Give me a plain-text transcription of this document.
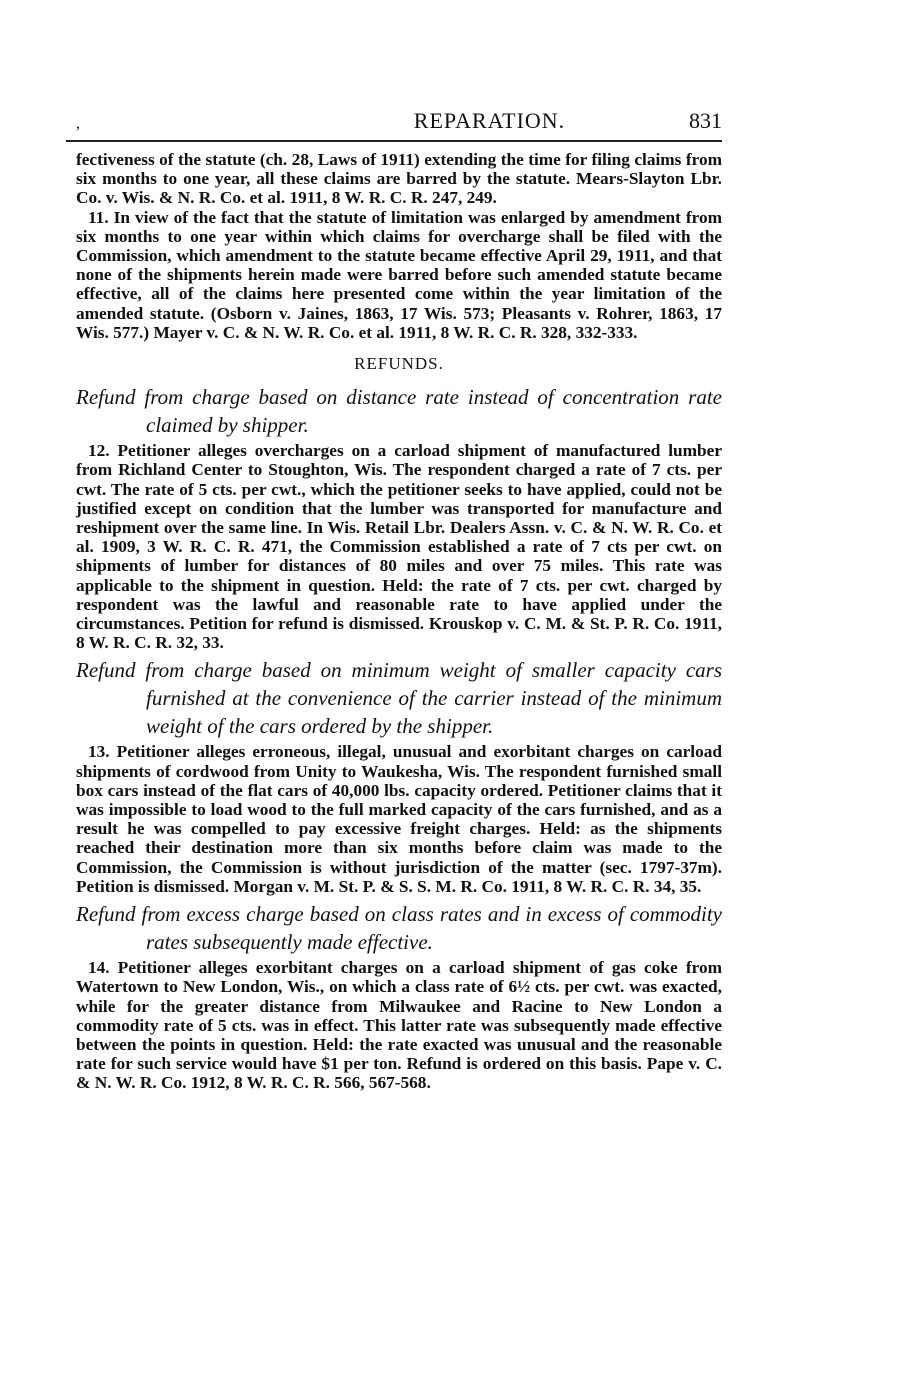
,	REPARATION.	831

fectiveness of the statute (ch. 28, Laws of 1911) extending the time for filing claims from six months to one year, all these claims are barred by the statute. Mears-Slayton Lbr. Co. v. Wis. & N. R. Co. et al. 1911, 8 W. R. C. R. 247, 249.

11. In view of the fact that the statute of limitation was enlarged by amendment from six months to one year within which claims for overcharge shall be filed with the Commission, which amendment to the statute became effective April 29, 1911, and that none of the shipments herein made were barred before such amended statute became effective, all of the claims here presented come within the year limitation of the amended statute. (Osborn v. Jaines, 1863, 17 Wis. 573; Pleasants v. Rohrer, 1863, 17 Wis. 577.) Mayer v. C. & N. W. R. Co. et al. 1911, 8 W. R. C. R. 328, 332-333.

REFUNDS.
Refund from charge based on distance rate instead of concentration rate claimed by shipper.

12. Petitioner alleges overcharges on a carload shipment of manufactured lumber from Richland Center to Stoughton, Wis. The respondent charged a rate of 7 cts. per cwt. The rate of 5 cts. per cwt., which the petitioner seeks to have applied, could not be justified except on condition that the lumber was transported for manufacture and reshipment over the same line. In Wis. Retail Lbr. Dealers Assn. v. C. & N. W. R. Co. et al. 1909, 3 W. R. C. R. 471, the Commission established a rate of 7 cts per cwt. on shipments of lumber for distances of 80 miles and over 75 miles. This rate was applicable to the shipment in question. Held: the rate of 7 cts. per cwt. charged by respondent was the lawful and reasonable rate to have applied under the circumstances. Petition for refund is dismissed. Krouskop v. C. M. & St. P. R. Co. 1911, 8 W. R. C. R. 32, 33.

Refund from charge based on minimum weight of smaller capacity cars furnished at the convenience of the carrier instead of the minimum weight of the cars ordered by the shipper.

13. Petitioner alleges erroneous, illegal, unusual and exorbitant charges on carload shipments of cordwood from Unity to Waukesha, Wis. The respondent furnished small box cars instead of the flat cars of 40,000 lbs. capacity ordered. Petitioner claims that it was impossible to load wood to the full marked capacity of the cars furnished, and as a result he was compelled to pay excessive freight charges. Held: as the shipments reached their destination more than six months before claim was made to the Commission, the Commission is without jurisdiction of the matter (sec. 1797-37m). Petition is dismissed. Morgan v. M. St. P. & S. S. M. R. Co. 1911, 8 W. R. C. R. 34, 35.

Refund from excess charge based on class rates and in excess of commodity rates subsequently made effective.

14. Petitioner alleges exorbitant charges on a carload shipment of gas coke from Watertown to New London, Wis., on which a class rate of 6½ cts. per cwt. was exacted, while for the greater distance from Milwaukee and Racine to New London a commodity rate of 5 cts. was in effect. This latter rate was subsequently made effective between the points in question. Held: the rate exacted was unusual and the reasonable rate for such service would have $1 per ton. Refund is ordered on this basis. Pape v. C. & N. W. R. Co. 1912, 8 W. R. C. R. 566, 567-568.
